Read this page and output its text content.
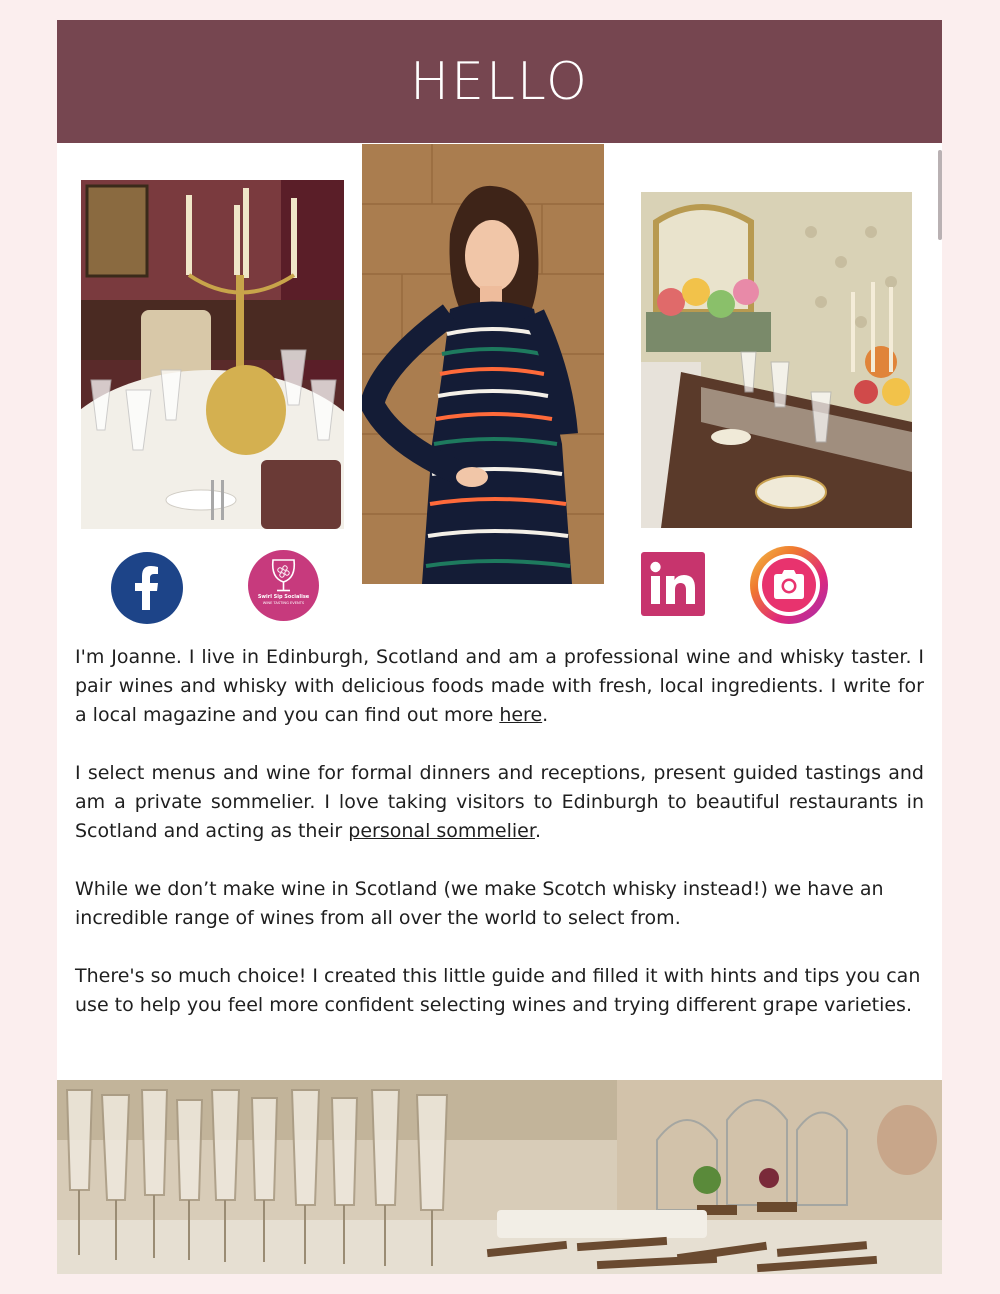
HELLO
Swirl Sip Socialise
WINE TASTING EVENTS

I'm Joanne. I live in Edinburgh, Scotland and am a professional wine and whisky taster. I pair wines and whisky with delicious foods made with fresh, local ingredients. I write for a local magazine and you can find out more here.

I select menus and wine for formal dinners and receptions, present guided tastings and am a private sommelier. I love taking visitors to Edinburgh to beautiful restaurants in Scotland and acting as their personal sommelier.

While we don’t make wine in Scotland (we make Scotch whisky instead!) we have an incredible range of wines from all over the world to select from.

There's so much choice! I created this little guide and filled it with hints and tips you can use to help you feel more confident selecting wines and trying different grape varieties.
